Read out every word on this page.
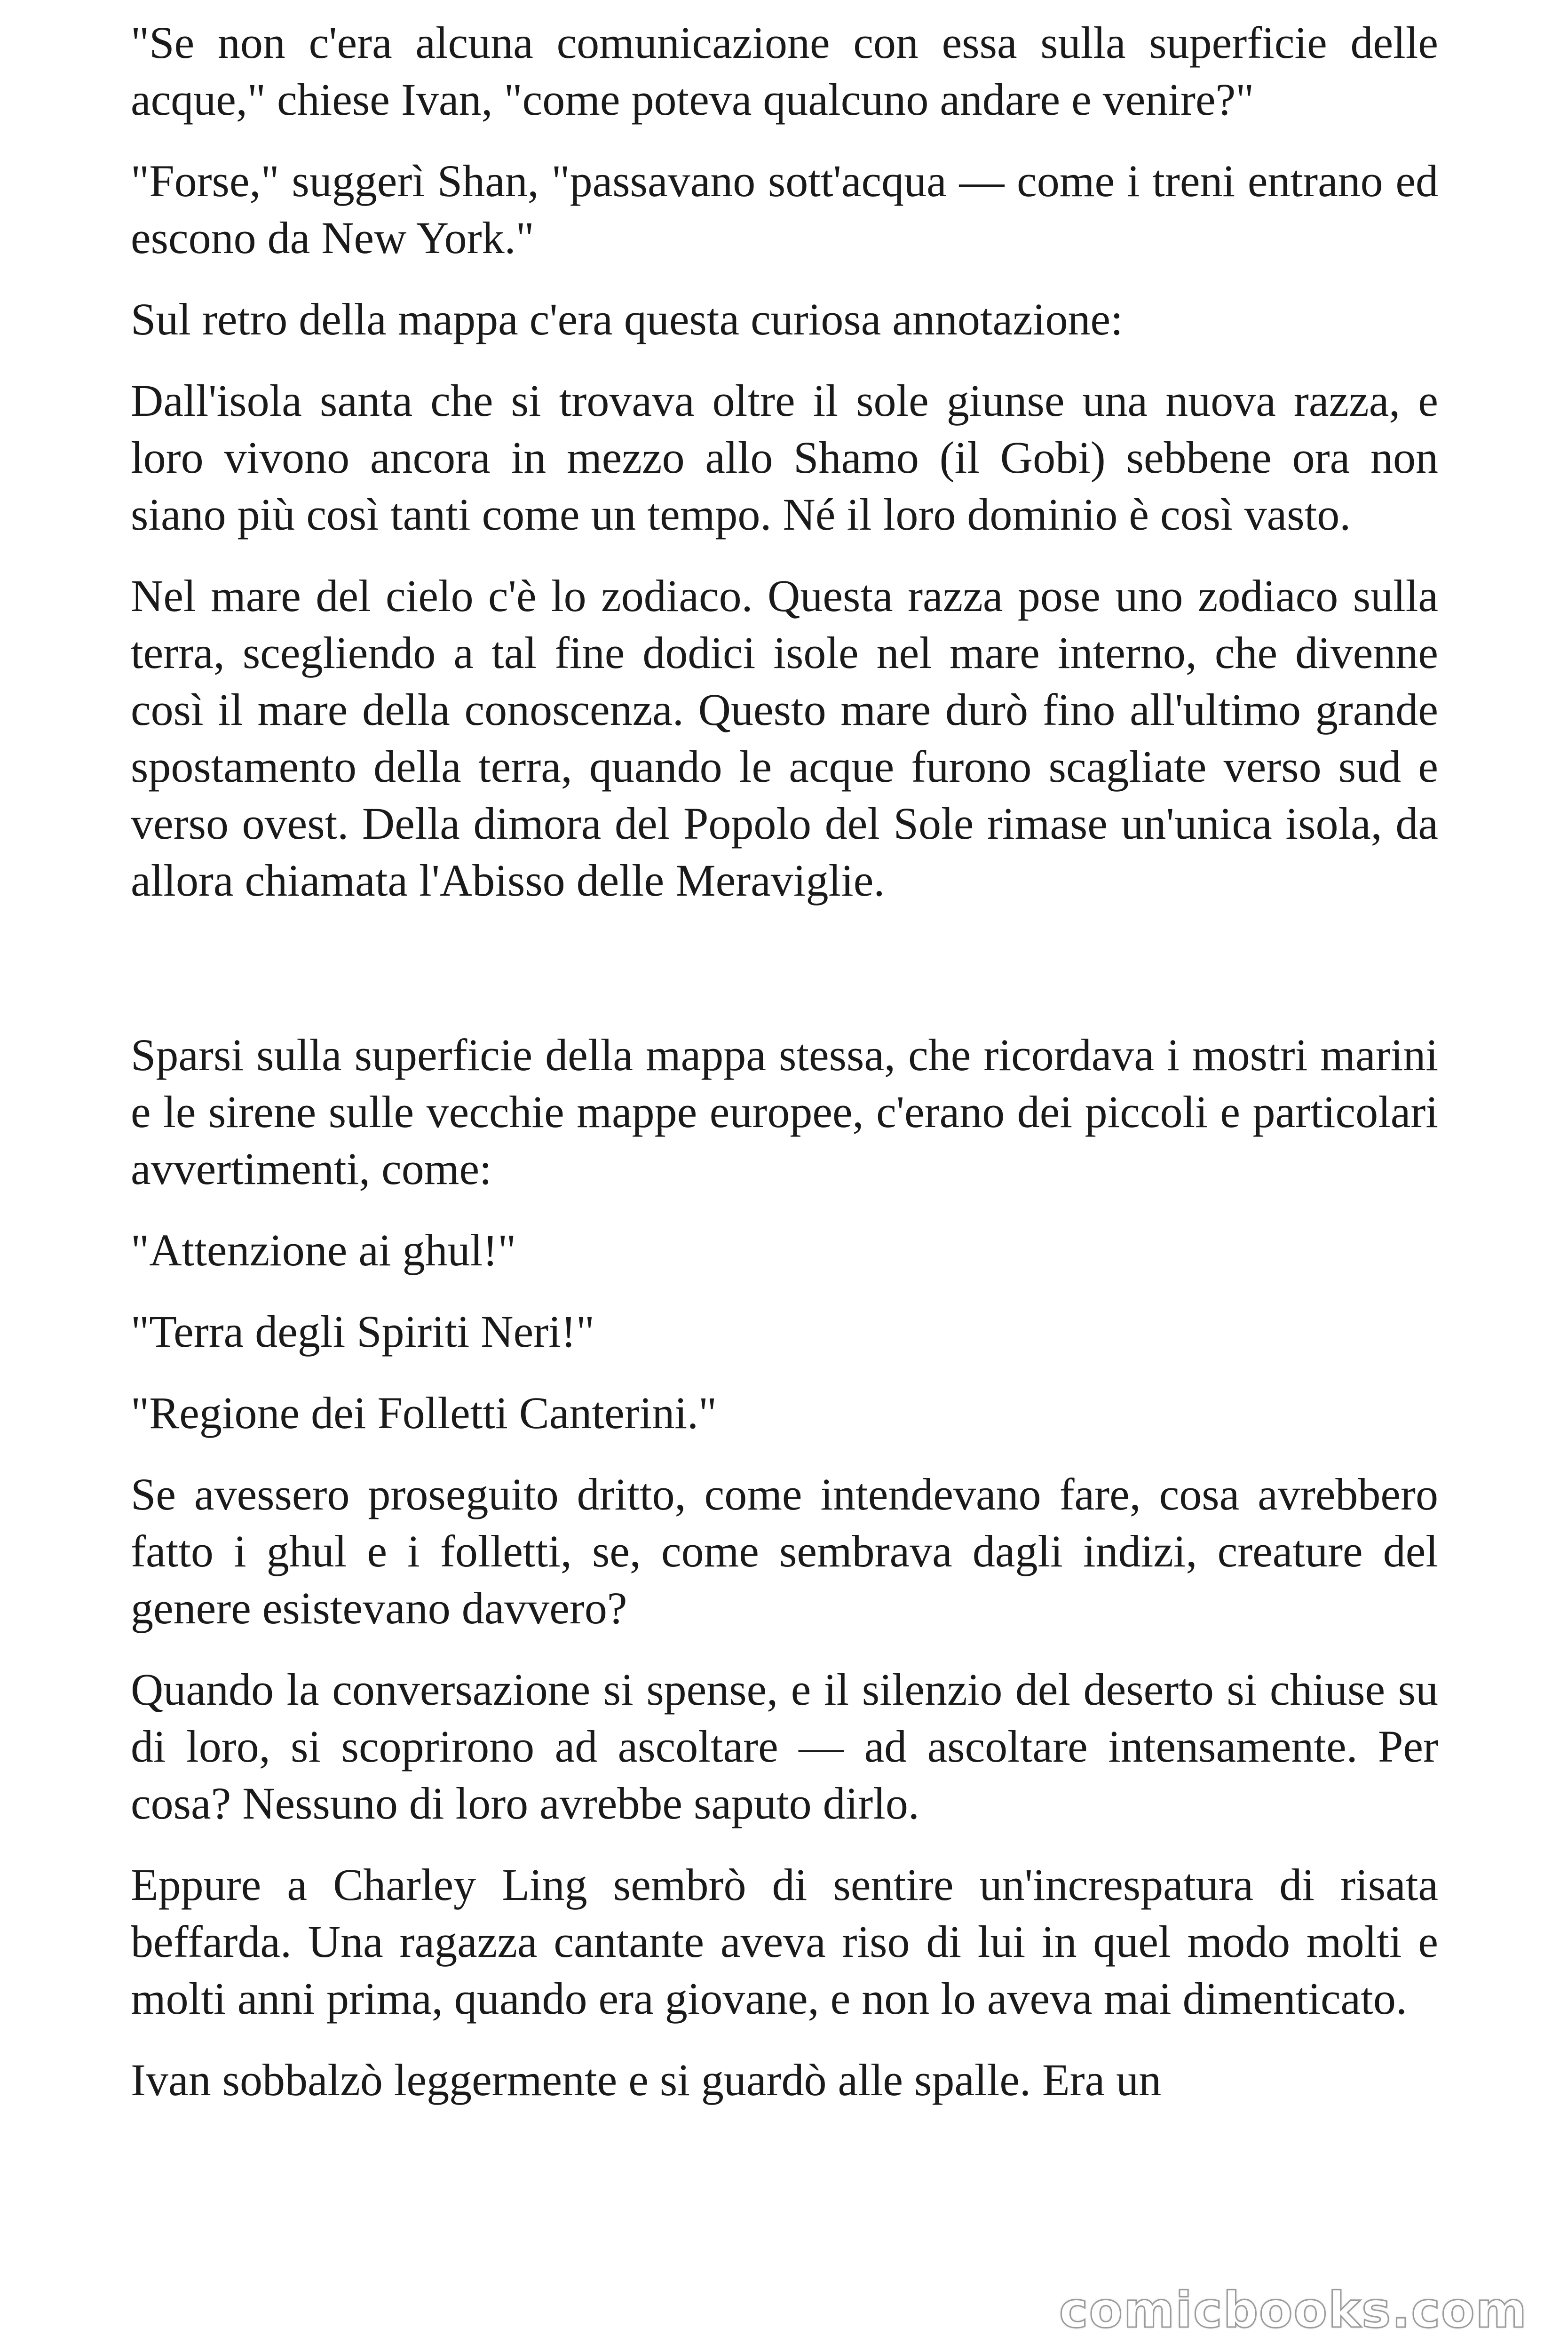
"Se non c'era alcuna comunicazione con essa sulla superficie delle acque," chiese Ivan, "come poteva qualcuno andare e venire?"

"Forse," suggerì Shan, "passavano sott'acqua — come i treni entrano ed escono da New York."

Sul retro della mappa c'era questa curiosa annotazione:

Dall'isola santa che si trovava oltre il sole giunse una nuova razza, e loro vivono ancora in mezzo allo Shamo (il Gobi) sebbene ora non siano più così tanti come un tempo. Né il loro dominio è così vasto.

Nel mare del cielo c'è lo zodiaco. Questa razza pose uno zodiaco sulla terra, scegliendo a tal fine dodici isole nel mare interno, che divenne così il mare della conoscenza. Questo mare durò fino all'ultimo grande spostamento della terra, quando le acque furono scagliate verso sud e verso ovest. Della dimora del Popolo del Sole rimase un'unica isola, da allora chiamata l'Abisso delle Meraviglie.

Sparsi sulla superficie della mappa stessa, che ricordava i mostri marini e le sirene sulle vecchie mappe europee, c'erano dei piccoli e particolari avvertimenti, come:

"Attenzione ai ghul!"

"Terra degli Spiriti Neri!"

"Regione dei Folletti Canterini."

Se avessero proseguito dritto, come intendevano fare, cosa avrebbero fatto i ghul e i folletti, se, come sembrava dagli indizi, creature del genere esistevano davvero?

Quando la conversazione si spense, e il silenzio del deserto si chiuse su di loro, si scoprirono ad ascoltare — ad ascoltare intensamente. Per cosa? Nessuno di loro avrebbe saputo dirlo.

Eppure a Charley Ling sembrò di sentire un'increspatura di risata beffarda. Una ragazza cantante aveva riso di lui in quel modo molti e molti anni prima, quando era giovane, e non lo aveva mai dimenticato.

Ivan sobbalzò leggermente e si guardò alle spalle. Era un

comicbooks.com
